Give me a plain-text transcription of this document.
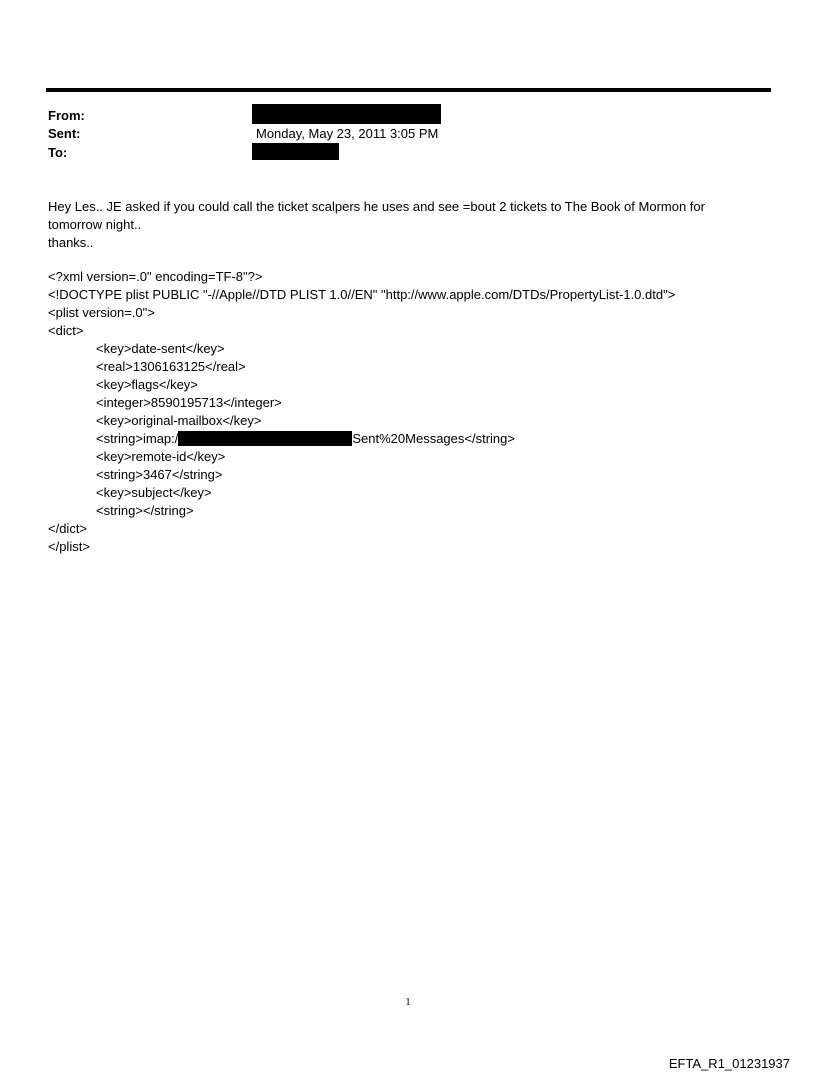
From:
Sent:	Monday, May 23, 2011 3:05 PM
To:
Hey Les.. JE asked if you could call the ticket scalpers he uses and see =bout 2 tickets to The Book of Mormon for
tomorrow night..
thanks..
<?xml version=.0" encoding=TF-8"?>
<!DOCTYPE plist PUBLIC "-//Apple//DTD PLIST 1.0//EN" "http://www.apple.com/DTDs/PropertyList-1.0.dtd">
<plist version=.0">
<dict>
<key>date-sent</key>
<real>1306163125</real>
<key>flags</key>
<integer>8590195713</integer>
<key>original-mailbox</key>
<string>imap:/	Sent%20Messages</string>
<key>remote-id</key>
<string>3467</string>
<key>subject</key>
<string></string>
</dict>
</plist>
1
EFTA_R1_01231937
